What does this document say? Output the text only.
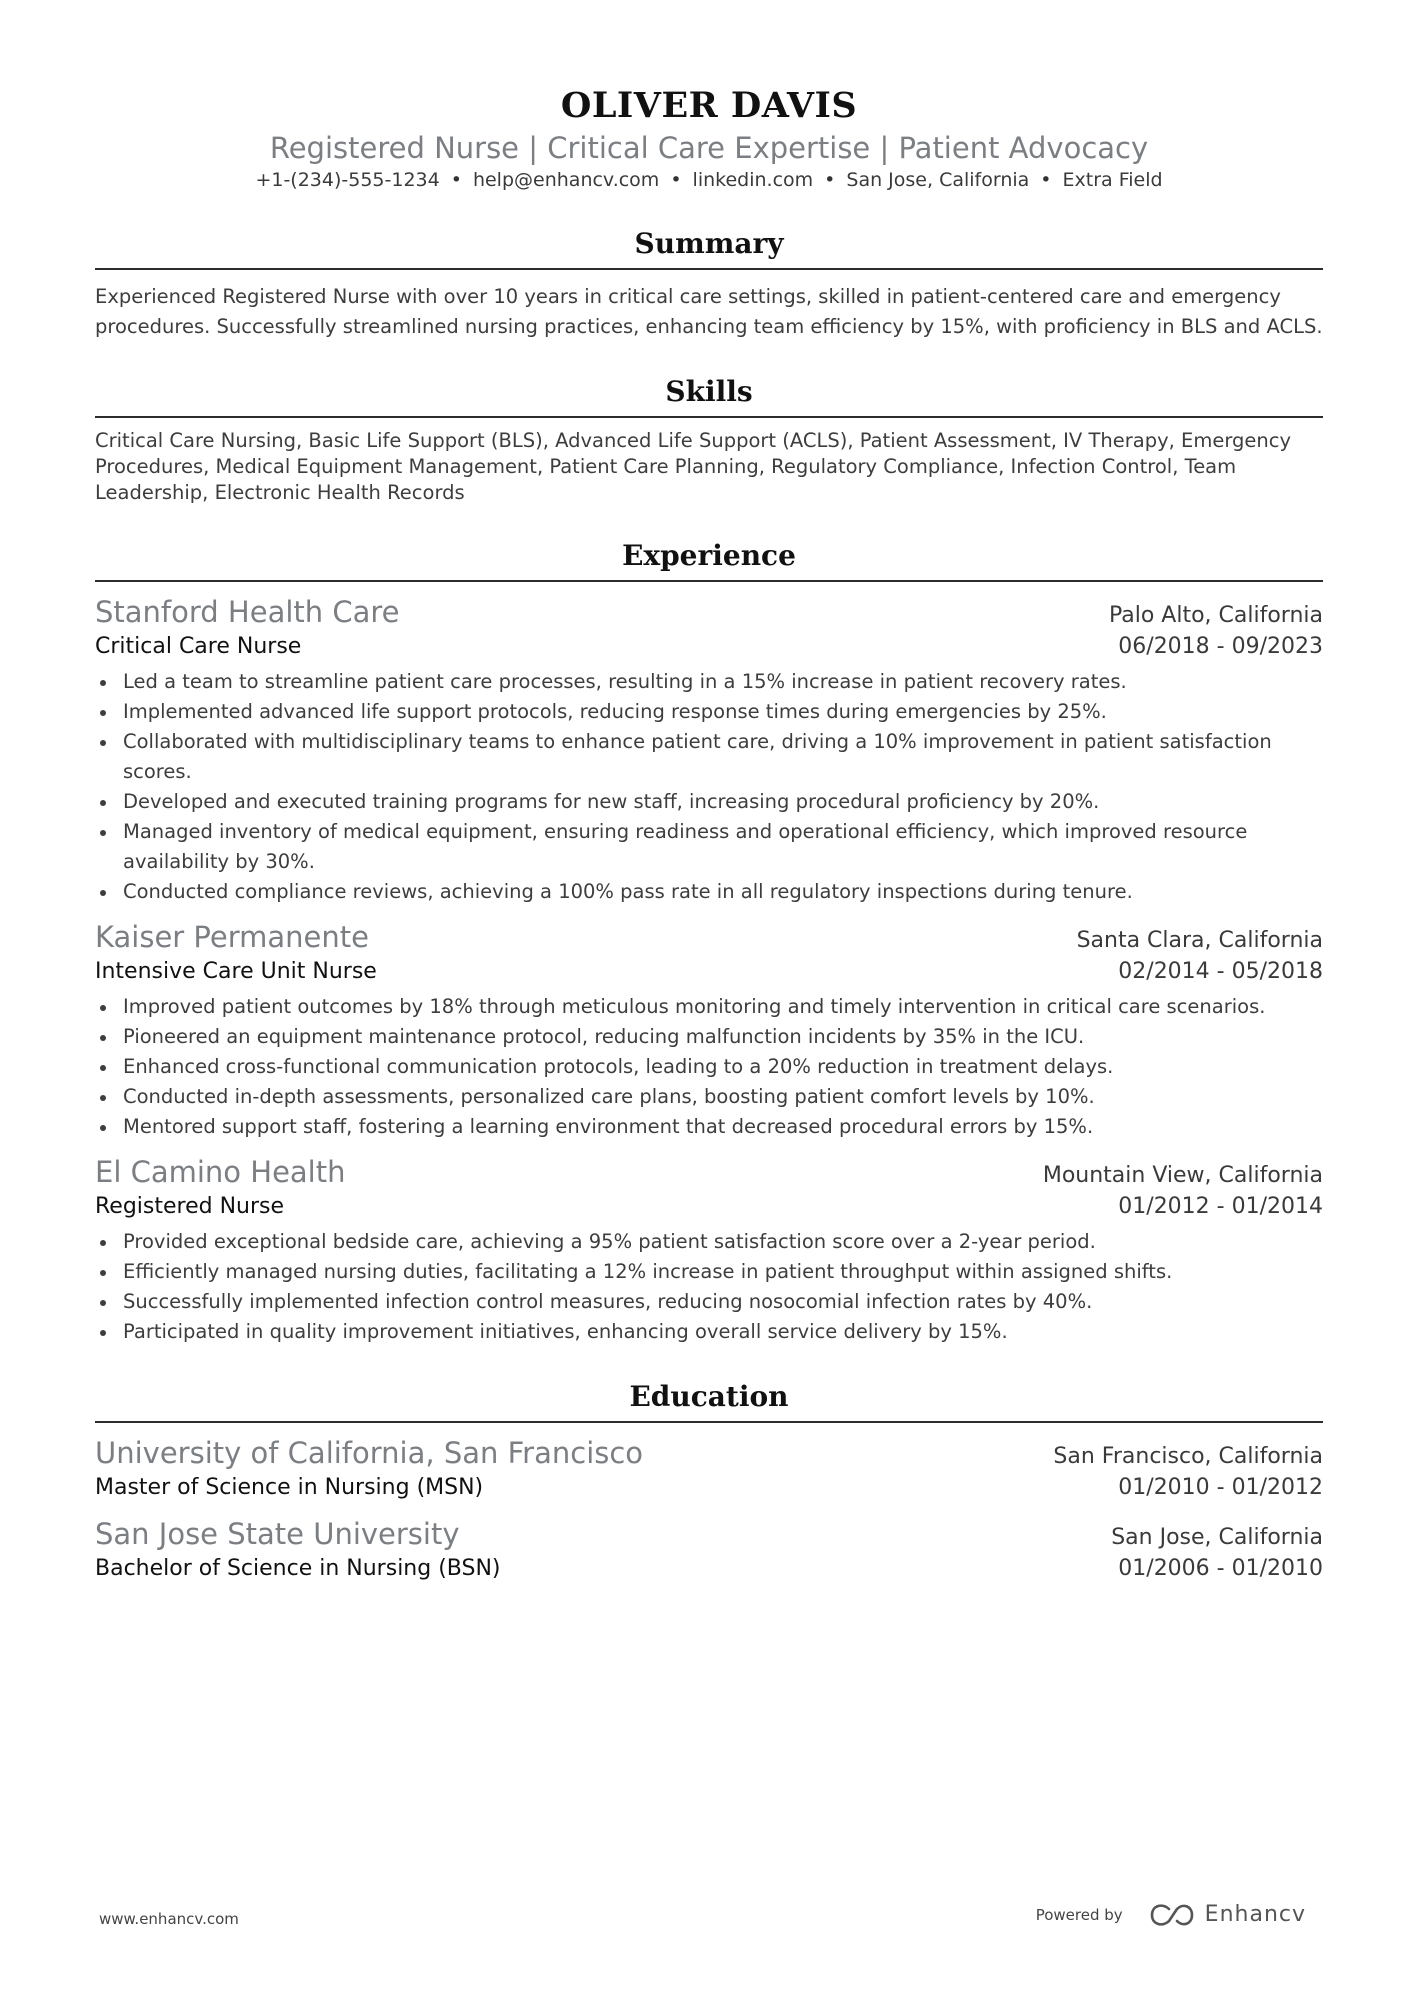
OLIVER DAVIS
Registered Nurse | Critical Care Expertise | Patient Advocacy
+1-(234)-555-1234 • help@enhancv.com • linkedin.com • San Jose, California • Extra Field
Summary
Experienced Registered Nurse with over 10 years in critical care settings, skilled in patient-centered care and emergency procedures. Successfully streamlined nursing practices, enhancing team efficiency by 15%, with proficiency in BLS and ACLS.
Skills
Critical Care Nursing, Basic Life Support (BLS), Advanced Life Support (ACLS), Patient Assessment, IV Therapy, Emergency Procedures, Medical Equipment Management, Patient Care Planning, Regulatory Compliance, Infection Control, Team Leadership, Electronic Health Records
Experience
Stanford Health Care	Palo Alto, California
Critical Care Nurse	06/2018 - 09/2023
Led a team to streamline patient care processes, resulting in a 15% increase in patient recovery rates.
Implemented advanced life support protocols, reducing response times during emergencies by 25%.
Collaborated with multidisciplinary teams to enhance patient care, driving a 10% improvement in patient satisfaction scores.
Developed and executed training programs for new staff, increasing procedural proficiency by 20%.
Managed inventory of medical equipment, ensuring readiness and operational efficiency, which improved resource availability by 30%.
Conducted compliance reviews, achieving a 100% pass rate in all regulatory inspections during tenure.
Kaiser Permanente	Santa Clara, California
Intensive Care Unit Nurse	02/2014 - 05/2018
Improved patient outcomes by 18% through meticulous monitoring and timely intervention in critical care scenarios.
Pioneered an equipment maintenance protocol, reducing malfunction incidents by 35% in the ICU.
Enhanced cross-functional communication protocols, leading to a 20% reduction in treatment delays.
Conducted in-depth assessments, personalized care plans, boosting patient comfort levels by 10%.
Mentored support staff, fostering a learning environment that decreased procedural errors by 15%.
El Camino Health	Mountain View, California
Registered Nurse	01/2012 - 01/2014
Provided exceptional bedside care, achieving a 95% patient satisfaction score over a 2-year period.
Efficiently managed nursing duties, facilitating a 12% increase in patient throughput within assigned shifts.
Successfully implemented infection control measures, reducing nosocomial infection rates by 40%.
Participated in quality improvement initiatives, enhancing overall service delivery by 15%.
Education
University of California, San Francisco	San Francisco, California
Master of Science in Nursing (MSN)	01/2010 - 01/2012
San Jose State University	San Jose, California
Bachelor of Science in Nursing (BSN)	01/2006 - 01/2010
www.enhancv.com	Powered by	Enhancv
